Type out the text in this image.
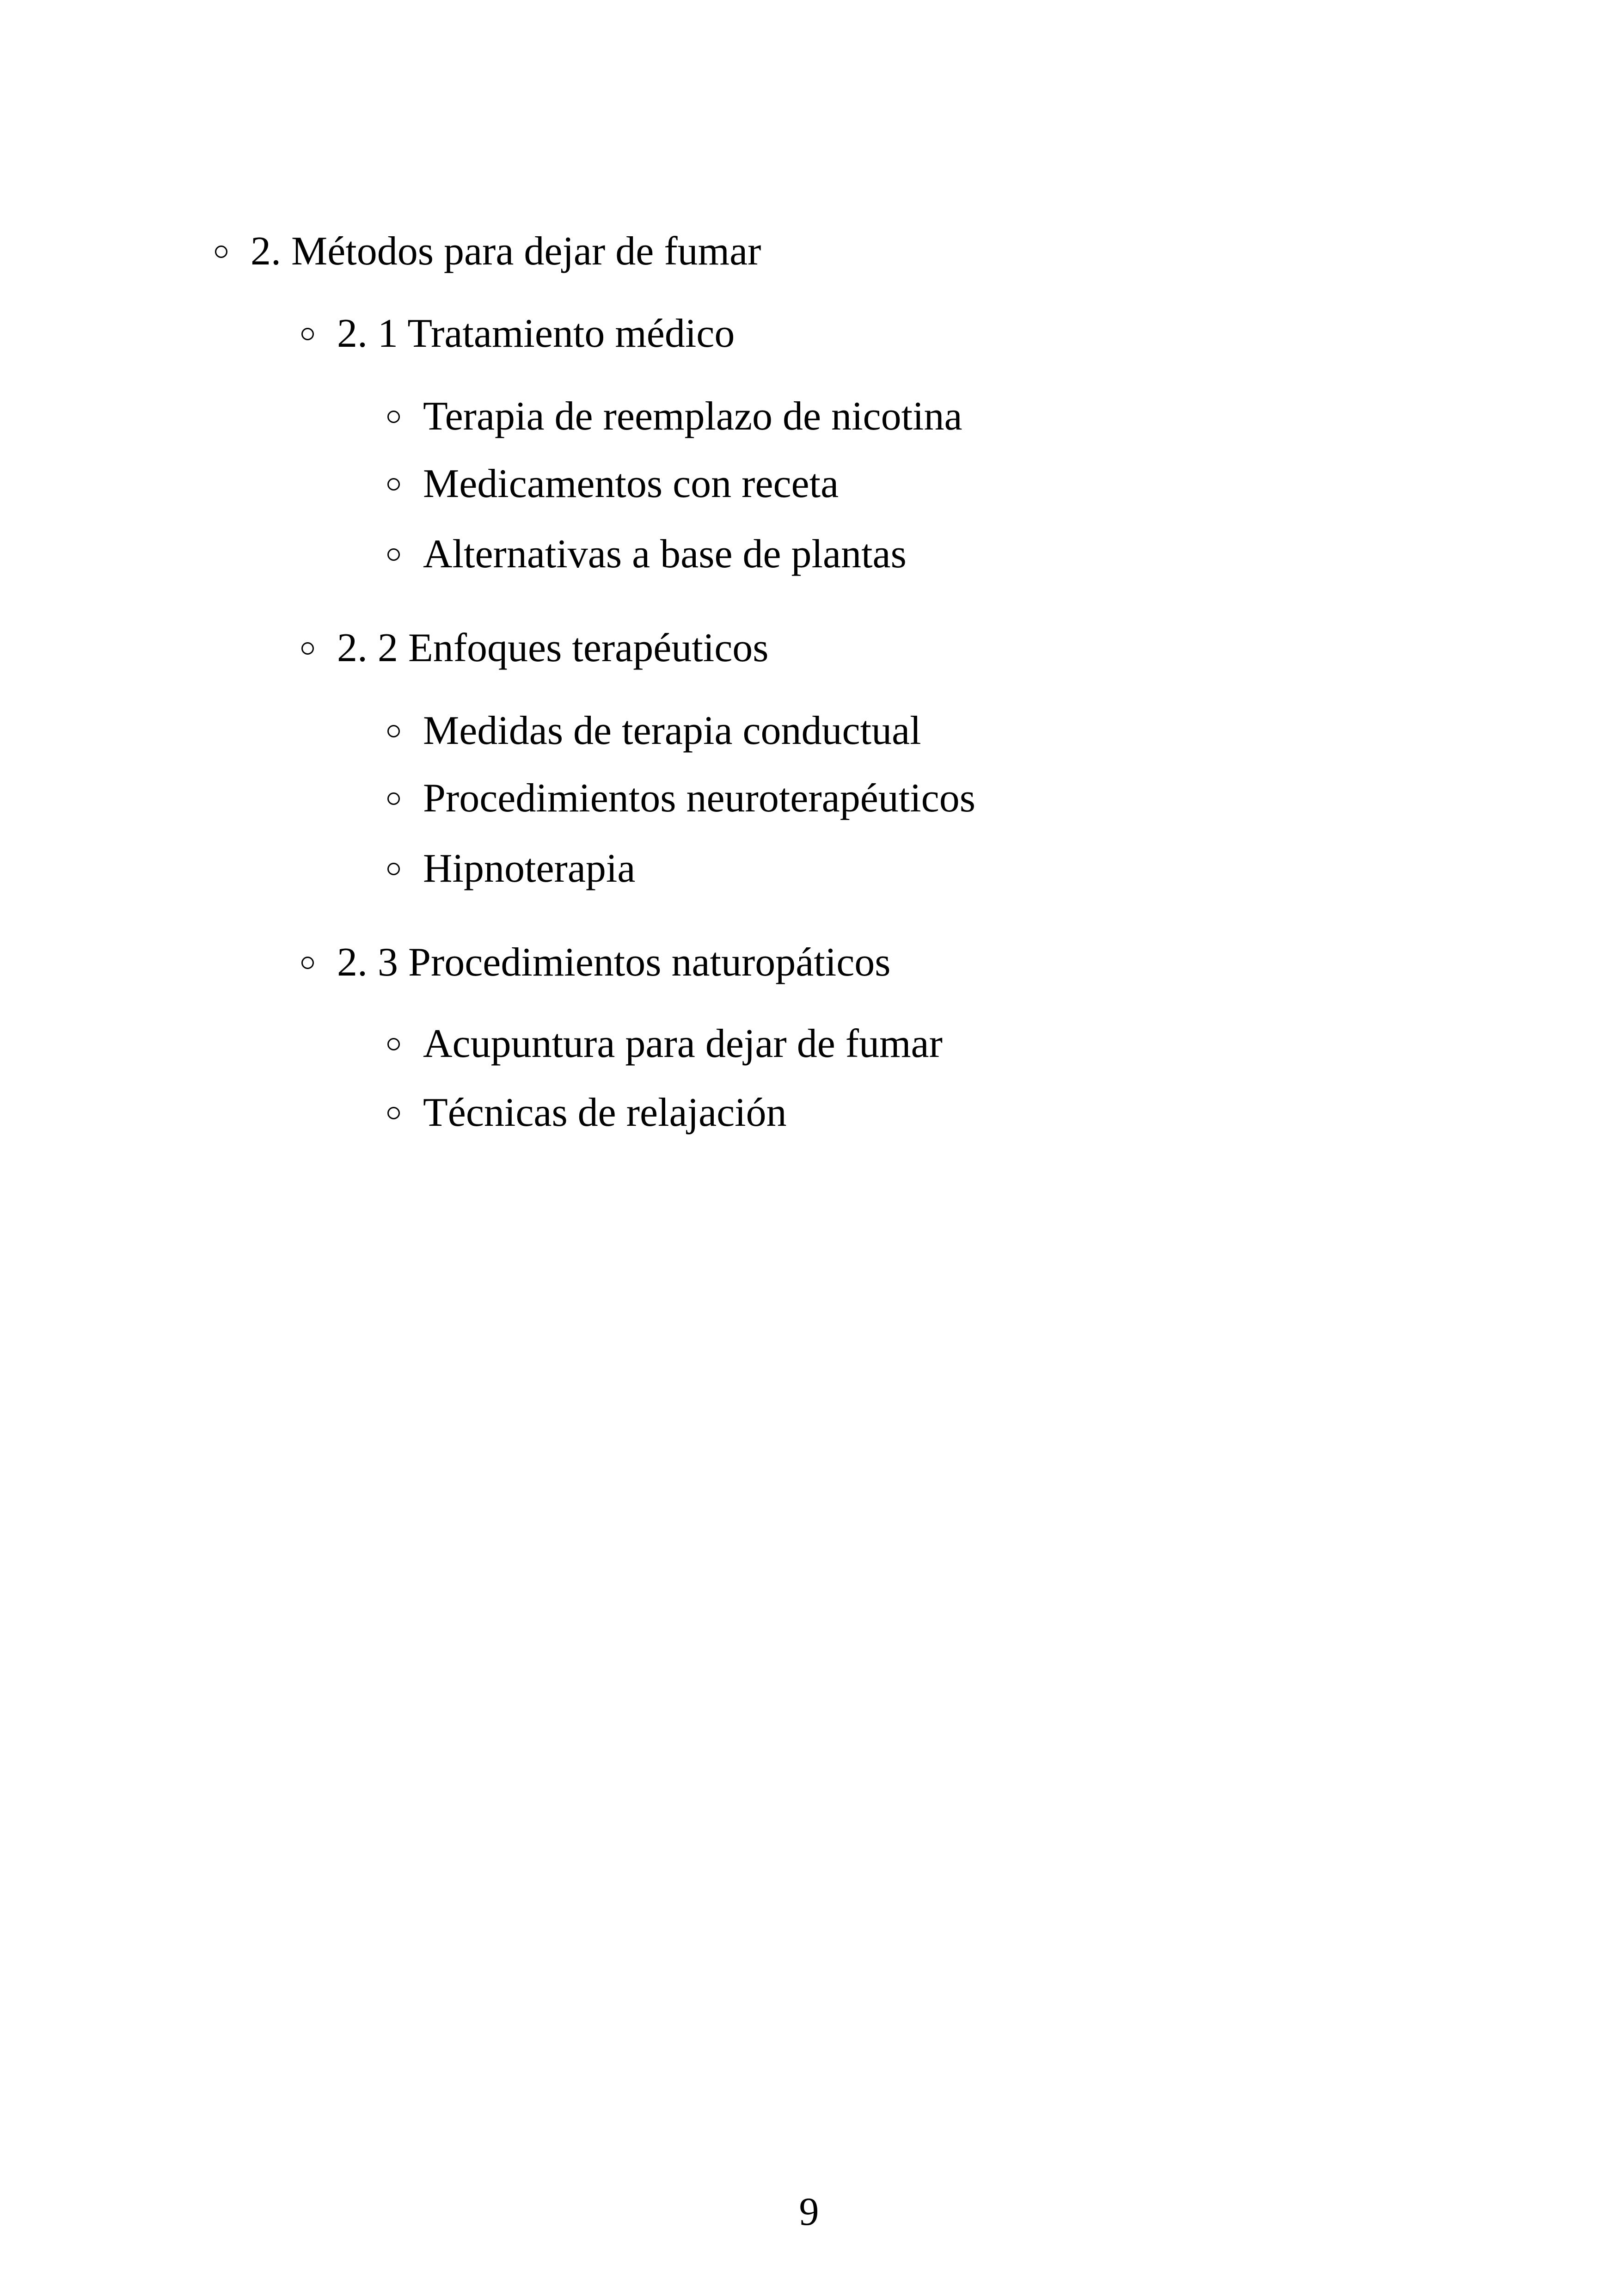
2. Métodos para dejar de fumar
2. 1 Tratamiento médico
Terapia de reemplazo de nicotina
Medicamentos con receta
Alternativas a base de plantas
2. 2 Enfoques terapéuticos
Medidas de terapia conductual
Procedimientos neuroterapéuticos
Hipnoterapia
2. 3 Procedimientos naturopáticos
Acupuntura para dejar de fumar
Técnicas de relajación
9
